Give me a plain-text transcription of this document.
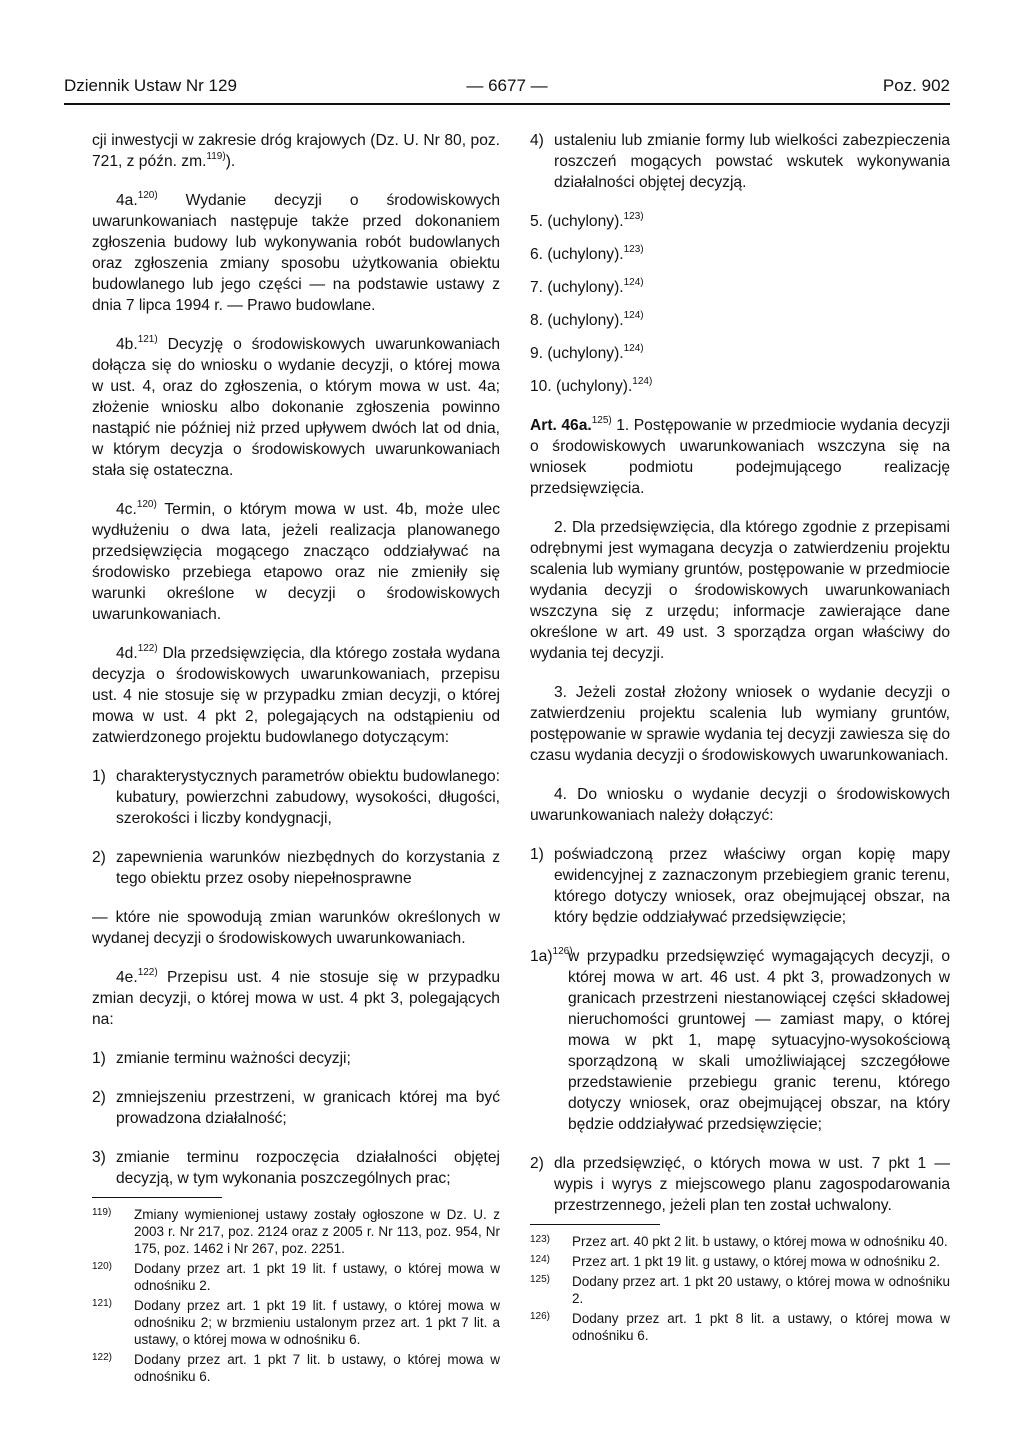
Dziennik Ustaw Nr 129	— 6677 —	Poz. 902

cji inwestycji w zakresie dróg krajowych (Dz. U. Nr 80, poz. 721, z późn. zm.$^{119)}$).

4a.$^{120)}$ Wydanie decyzji o środowiskowych uwarunkowaniach następuje także przed dokonaniem zgłoszenia budowy lub wykonywania robót budowlanych oraz zgłoszenia zmiany sposobu użytkowania obiektu budowlanego lub jego części — na podstawie ustawy z dnia 7 lipca 1994 r. — Prawo budowlane.

4b.$^{121)}$ Decyzję o środowiskowych uwarunkowaniach dołącza się do wniosku o wydanie decyzji, o której mowa w ust. 4, oraz do zgłoszenia, o którym mowa w ust. 4a; złożenie wniosku albo dokonanie zgłoszenia powinno nastąpić nie później niż przed upływem dwóch lat od dnia, w którym decyzja o środowiskowych uwarunkowaniach stała się ostateczna.

4c.$^{120)}$ Termin, o którym mowa w ust. 4b, może ulec wydłużeniu o dwa lata, jeżeli realizacja planowanego przedsięwzięcia mogącego znacząco oddziaływać na środowisko przebiega etapowo oraz nie zmieniły się warunki określone w decyzji o środowiskowych uwarunkowaniach.

4d.$^{122)}$ Dla przedsięwzięcia, dla którego została wydana decyzja o środowiskowych uwarunkowaniach, przepisu ust. 4 nie stosuje się w przypadku zmian decyzji, o której mowa w ust. 4 pkt 2, polegających na odstąpieniu od zatwierdzonego projektu budowlanego dotyczącym:

1) charakterystycznych parametrów obiektu budowlanego: kubatury, powierzchni zabudowy, wysokości, długości, szerokości i liczby kondygnacji,
2) zapewnienia warunków niezbędnych do korzystania z tego obiektu przez osoby niepełnosprawne

— które nie spowodują zmian warunków określonych w wydanej decyzji o środowiskowych uwarunkowaniach.

4e.$^{122)}$ Przepisu ust. 4 nie stosuje się w przypadku zmian decyzji, o której mowa w ust. 4 pkt 3, polegających na:

1) zmianie terminu ważności decyzji;
2) zmniejszeniu przestrzeni, w granicach której ma być prowadzona działalność;
3) zmianie terminu rozpoczęcia działalności objętej decyzją, w tym wykonania poszczególnych prac;
119)	Zmiany wymienionej ustawy zostały ogłoszone w Dz. U. z 2003 r. Nr 217, poz. 2124 oraz z 2005 r. Nr 113, poz. 954, Nr 175, poz. 1462 i Nr 267, poz. 2251.
120)	Dodany przez art. 1 pkt 19 lit. f ustawy, o której mowa w odnośniku 2.
121)	Dodany przez art. 1 pkt 19 lit. f ustawy, o której mowa w odnośniku 2; w brzmieniu ustalonym przez art. 1 pkt 7 lit. a ustawy, o której mowa w odnośniku 6.
122)	Dodany przez art. 1 pkt 7 lit. b ustawy, o której mowa w odnośniku 6.
4) ustaleniu lub zmianie formy lub wielkości zabezpieczenia roszczeń mogących powstać wskutek wykonywania działalności objętej decyzją.

5. (uchylony).$^{123)}$

6. (uchylony).$^{123)}$

7. (uchylony).$^{124)}$

8. (uchylony).$^{124)}$

9. (uchylony).$^{124)}$

10. (uchylony).$^{124)}$

Art. 46a.$^{125)}$ 1. Postępowanie w przedmiocie wydania decyzji o środowiskowych uwarunkowaniach wszczyna się na wniosek podmiotu podejmującego realizację przedsięwzięcia.

2. Dla przedsięwzięcia, dla którego zgodnie z przepisami odrębnymi jest wymagana decyzja o zatwierdzeniu projektu scalenia lub wymiany gruntów, postępowanie w przedmiocie wydania decyzji o środowiskowych uwarunkowaniach wszczyna się z urzędu; informacje zawierające dane określone w art. 49 ust. 3 sporządza organ właściwy do wydania tej decyzji.

3. Jeżeli został złożony wniosek o wydanie decyzji o zatwierdzeniu projektu scalenia lub wymiany gruntów, postępowanie w sprawie wydania tej decyzji zawiesza się do czasu wydania decyzji o środowiskowych uwarunkowaniach.

4. Do wniosku o wydanie decyzji o środowiskowych uwarunkowaniach należy dołączyć:

1) poświadczoną przez właściwy organ kopię mapy ewidencyjnej z zaznaczonym przebiegiem granic terenu, którego dotyczy wniosek, oraz obejmującej obszar, na który będzie oddziaływać przedsięwzięcie;
1a)$^{126)}$
w przypadku przedsięwzięć wymagających decyzji, o której mowa w art. 46 ust. 4 pkt 3, prowadzonych w granicach przestrzeni niestanowiącej części składowej nieruchomości gruntowej — zamiast mapy, o której mowa w pkt 1, mapę sytuacyjno-wysokościową sporządzoną w skali umożliwiającej szczegółowe przedstawienie przebiegu granic terenu, którego dotyczy wniosek, oraz obejmującej obszar, na który będzie oddziaływać przedsięwzięcie;
2) dla przedsięwzięć, o których mowa w ust. 7 pkt 1 — wypis i wyrys z miejscowego planu zagospodarowania przestrzennego, jeżeli plan ten został uchwalony.
123)	Przez art. 40 pkt 2 lit. b ustawy, o której mowa w odnośniku 40.
124)	Przez art. 1 pkt 19 lit. g ustawy, o której mowa w odnośniku 2.
125)	Dodany przez art. 1 pkt 20 ustawy, o której mowa w odnośniku 2.
126)	Dodany przez art. 1 pkt 8 lit. a ustawy, o której mowa w odnośniku 6.
